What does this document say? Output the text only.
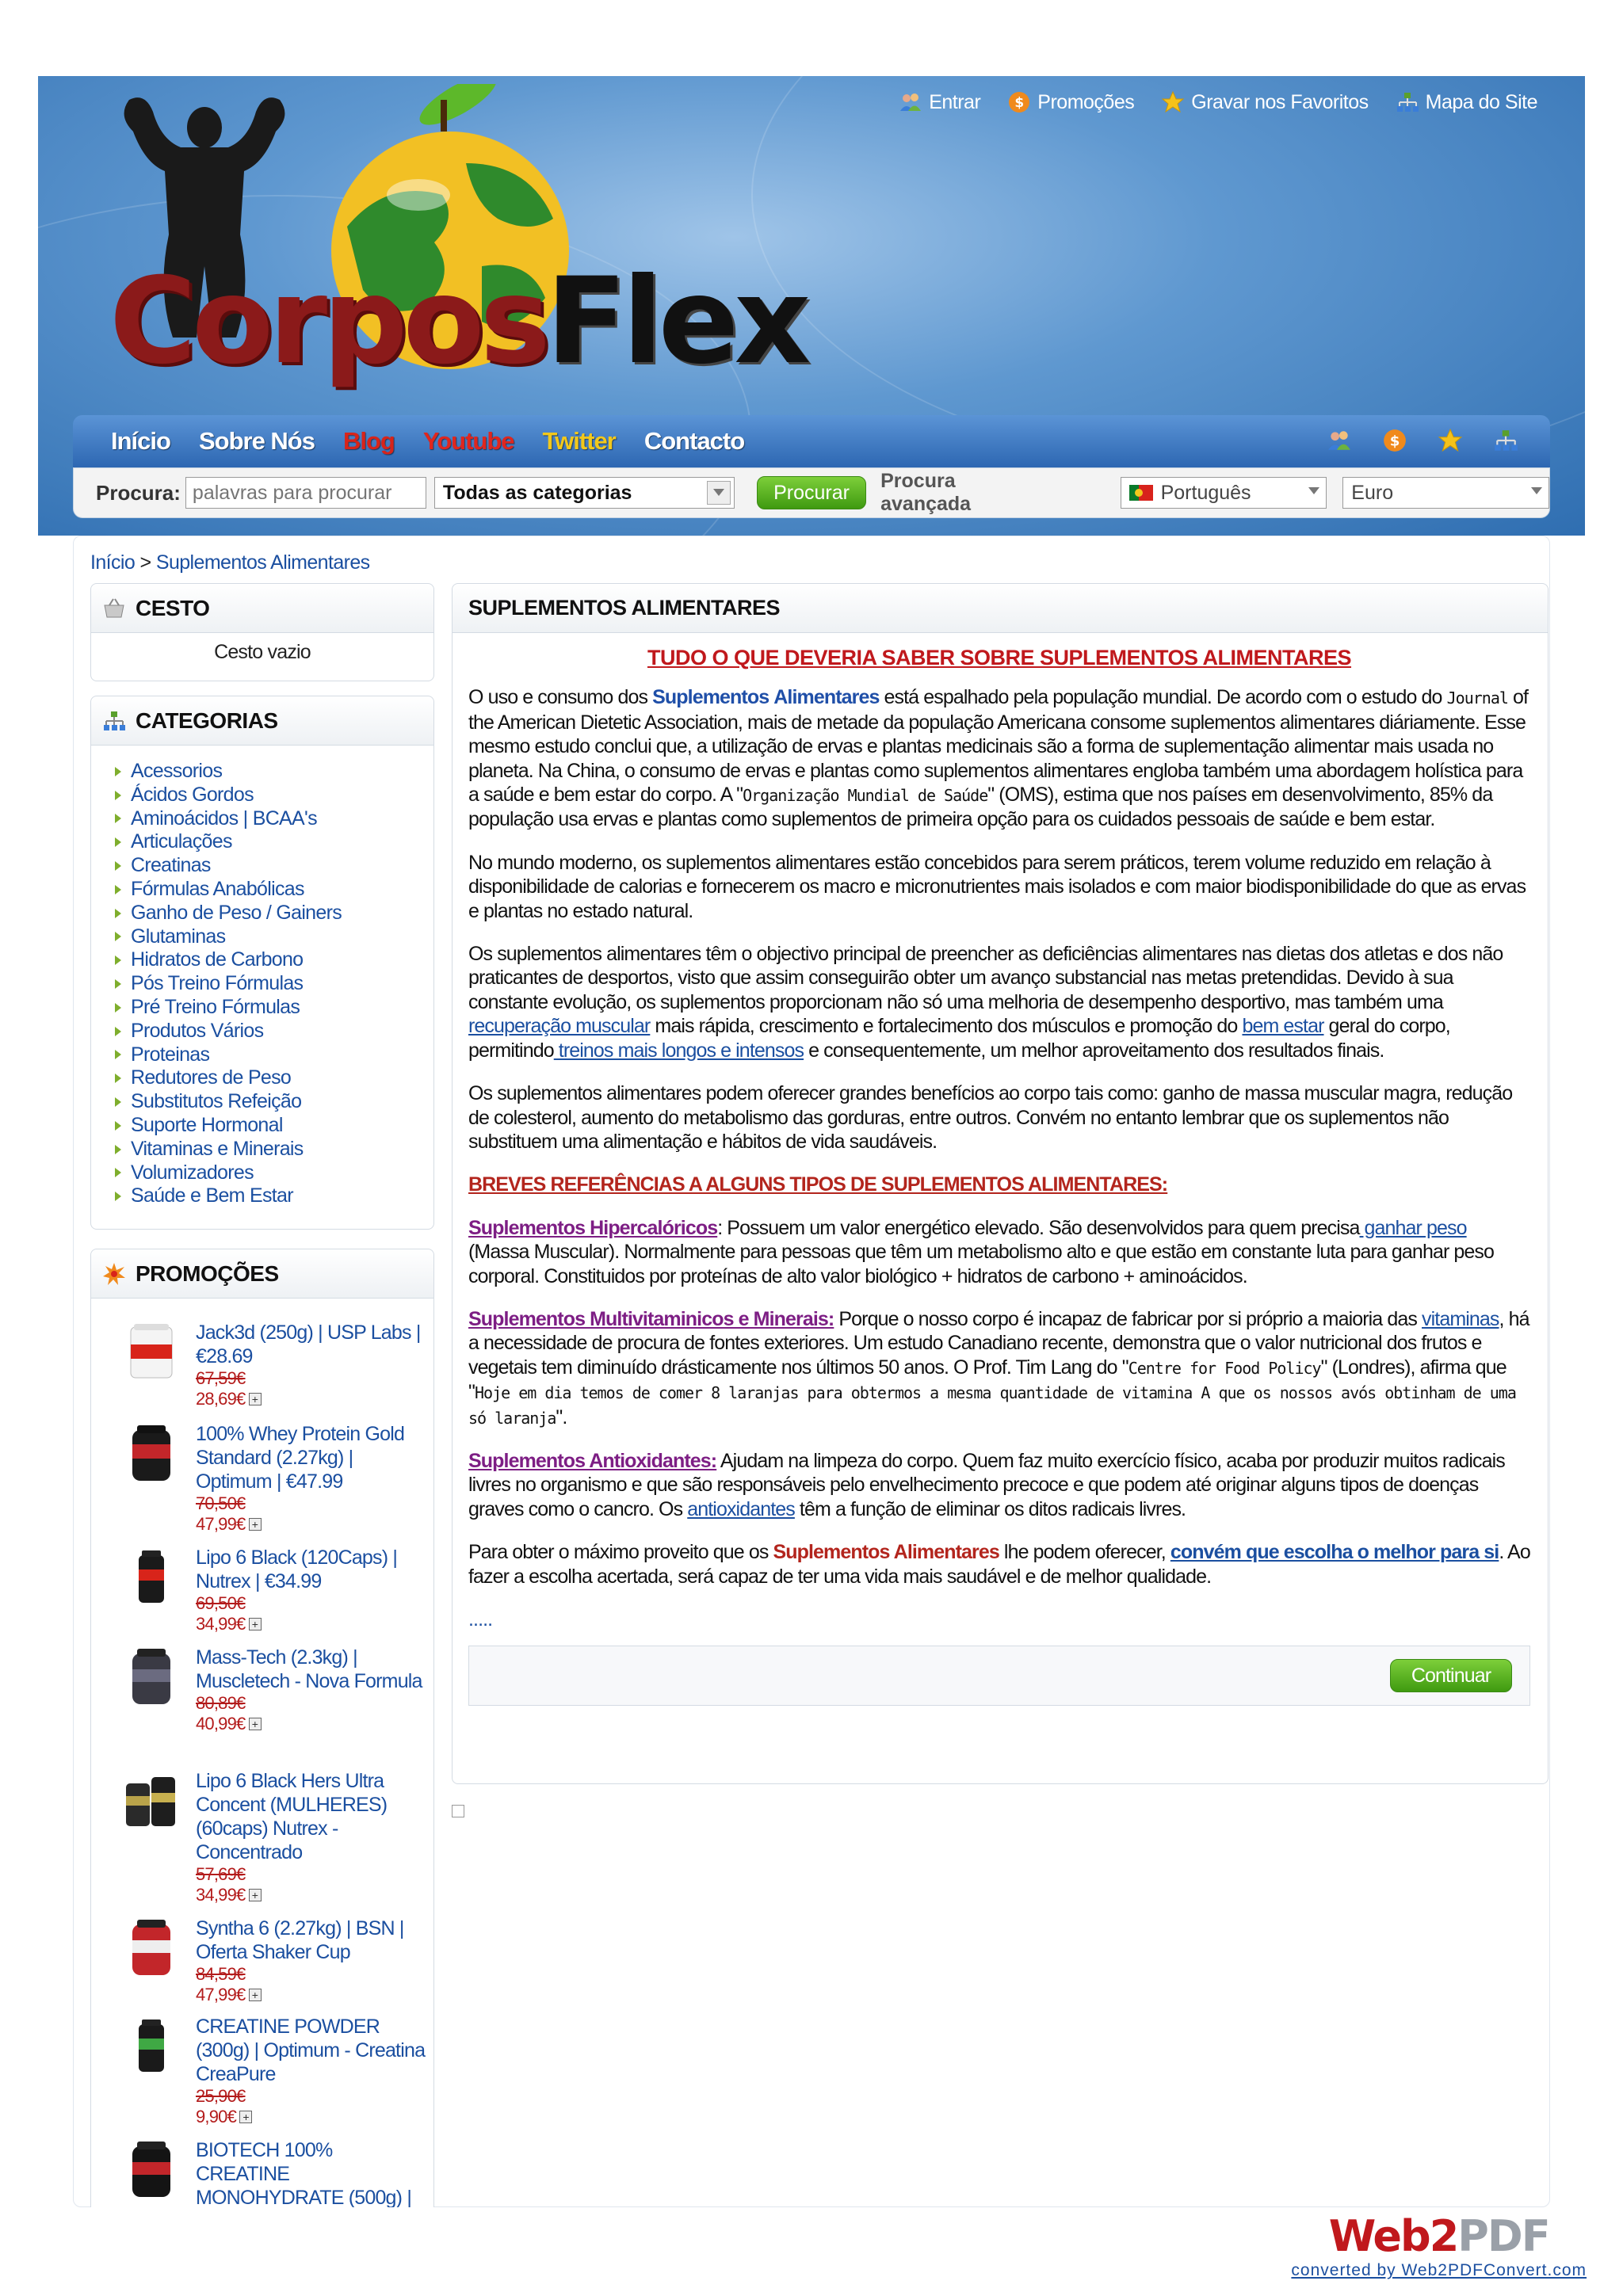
CorposFlex
Entrar	$ Promoções	Gravar nos Favoritos	Mapa do Site
Início Sobre Nós Blog Youtube Twitter Contacto	$
Procura:
palavras para procurar	Todas as categorias	Procurar
Procura avançada
Português	Euro
Início > Suplementos Alimentares
CESTO
Cesto vazio
CATEGORIAS
Acessorios
Ácidos Gordos
Aminoácidos | BCAA's
Articulações
Creatinas
Fórmulas Anabólicas
Ganho de Peso / Gainers
Glutaminas
Hidratos de Carbono
Pós Treino Fórmulas
Pré Treino Fórmulas
Produtos Vários
Proteinas
Redutores de Peso
Substitutos Refeição
Suporte Hormonal
Vitaminas e Minerais
Volumizadores
Saúde e Bem Estar
PROMOÇÕES
Jack3d (250g) | USP Labs | €28.69
67,59€
28,69€ +
100% Whey Protein Gold Standard (2.27kg) | Optimum | €47.99
70,50€
47,99€ +
Lipo 6 Black (120Caps) | Nutrex | €34.99
69,50€
34,99€ +
Mass-Tech (2.3kg) | Muscletech - Nova Formula
80,89€
40,99€ +
Lipo 6 Black Hers Ultra Concent (MULHERES) (60caps) Nutrex - Concentrado
57,69€
34,99€ +
Syntha 6 (2.27kg) | BSN | Oferta Shaker Cup
84,59€
47,99€ +
CREATINE POWDER (300g) | Optimum - Creatina CreaPure
25,90€
9,90€ +
BIOTECH 100% CREATINE MONOHYDRATE (500g) |
SUPLEMENTOS ALIMENTARES
TUDO O QUE DEVERIA SABER SOBRE SUPLEMENTOS ALIMENTARES

O uso e consumo dos Suplementos Alimentares está espalhado pela população mundial. De acordo com o estudo do Journal of the American Dietetic Association, mais de metade da população Americana consome suplementos alimentares diáriamente. Esse mesmo estudo conclui que, a utilização de ervas e plantas medicinais são a forma de suplementação alimentar mais usada no planeta. Na China, o consumo de ervas e plantas como suplementos alimentares engloba também uma abordagem holística para a saúde e bem estar do corpo. A "Organização Mundial de Saúde" (OMS), estima que nos países em desenvolvimento, 85% da população usa ervas e plantas como suplementos de primeira opção para os cuidados pessoais de saúde e bem estar.

No mundo moderno, os suplementos alimentares estão concebidos para serem práticos, terem volume reduzido em relação à disponibilidade de calorias e fornecerem os macro e micronutrientes mais isolados e com maior biodisponibilidade do que as ervas e plantas no estado natural.

Os suplementos alimentares têm o objectivo principal de preencher as deficiências alimentares nas dietas dos atletas e dos não praticantes de desportos, visto que assim conseguirão obter um avanço substancial nas metas pretendidas. Devido à sua constante evolução, os suplementos proporcionam não só uma melhoria de desempenho desportivo, mas também uma recuperação muscular mais rápida, crescimento e fortalecimento dos músculos e promoção do bem estar geral do corpo, permitindo treinos mais longos e intensos e consequentemente, um melhor aproveitamento dos resultados finais.

Os suplementos alimentares podem oferecer grandes benefícios ao corpo tais como: ganho de massa muscular magra, redução de colesterol, aumento do metabolismo das gorduras, entre outros. Convém no entanto lembrar que os suplementos não substituem uma alimentação e hábitos de vida saudáveis.

BREVES REFERÊNCIAS A ALGUNS TIPOS DE SUPLEMENTOS ALIMENTARES:

Suplementos Hipercalóricos: Possuem um valor energético elevado. São desenvolvidos para quem precisa ganhar peso (Massa Muscular). Normalmente para pessoas que têm um metabolismo alto e que estão em constante luta para ganhar peso corporal. Constituidos por proteínas de alto valor biológico + hidratos de carbono + aminoácidos.

Suplementos Multivitaminicos e Minerais: Porque o nosso corpo é incapaz de fabricar por si próprio a maioria das vitaminas, há a necessidade de procura de fontes exteriores. Um estudo Canadiano recente, demonstra que o valor nutricional dos frutos e vegetais tem diminuído drásticamente nos últimos 50 anos. O Prof. Tim Lang do "Centre for Food Policy" (Londres), afirma que "Hoje em dia temos de comer 8 laranjas para obtermos a mesma quantidade de vitamina A que os nossos avós obtinham de uma só laranja".

Suplementos Antioxidantes: Ajudam na limpeza do corpo. Quem faz muito exercício físico, acaba por produzir muitos radicais livres no organismo e que são responsáveis pelo envelhecimento precoce e que podem até originar alguns tipos de doenças graves como o cancro. Os antioxidantes têm a função de eliminar os ditos radicais livres.

Para obter o máximo proveito que os Suplementos Alimentares lhe podem oferecer, convém que escolha o melhor para si. Ao fazer a escolha acertada, será capaz de ter uma vida mais saudável e de melhor qualidade.

.....

Continuar
Web2PDF
converted by Web2PDFConvert.com
